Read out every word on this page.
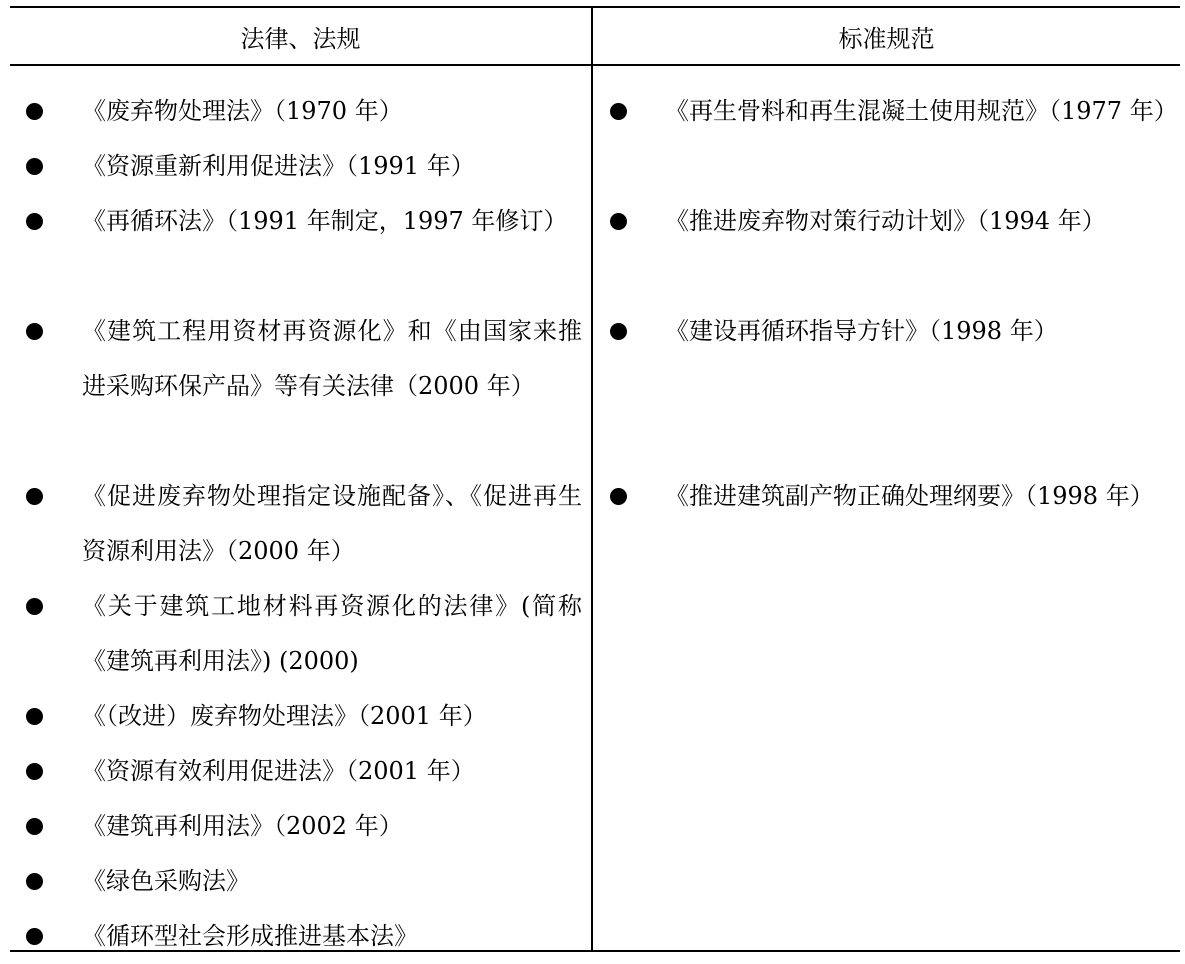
法律、法规	标准规范
《废弃物处理法》（1970 年）
《资源重新利用促进法》（1991 年）
《再循环法》（1991 年制定，1997 年修订）
《建筑工程用资材再资源化》和《由国家来推进采购环保产品》等有关法律（2000 年）
《促进废弃物处理指定设施配备》、《促进再生资源利用法》（2000 年）
《关于建筑工地材料再资源化的法律》(简称《建筑再利用法》) (2000)
《（改进）废弃物处理法》（2001 年）
《资源有效利用促进法》（2001 年）
《建筑再利用法》（2002 年）
《绿色采购法》
《循环型社会形成推进基本法》
《再生骨料和再生混凝土使用规范》（1977 年）
《推进废弃物对策行动计划》（1994 年）
《建设再循环指导方针》（1998 年）
《推进建筑副产物正确处理纲要》（1998 年）
